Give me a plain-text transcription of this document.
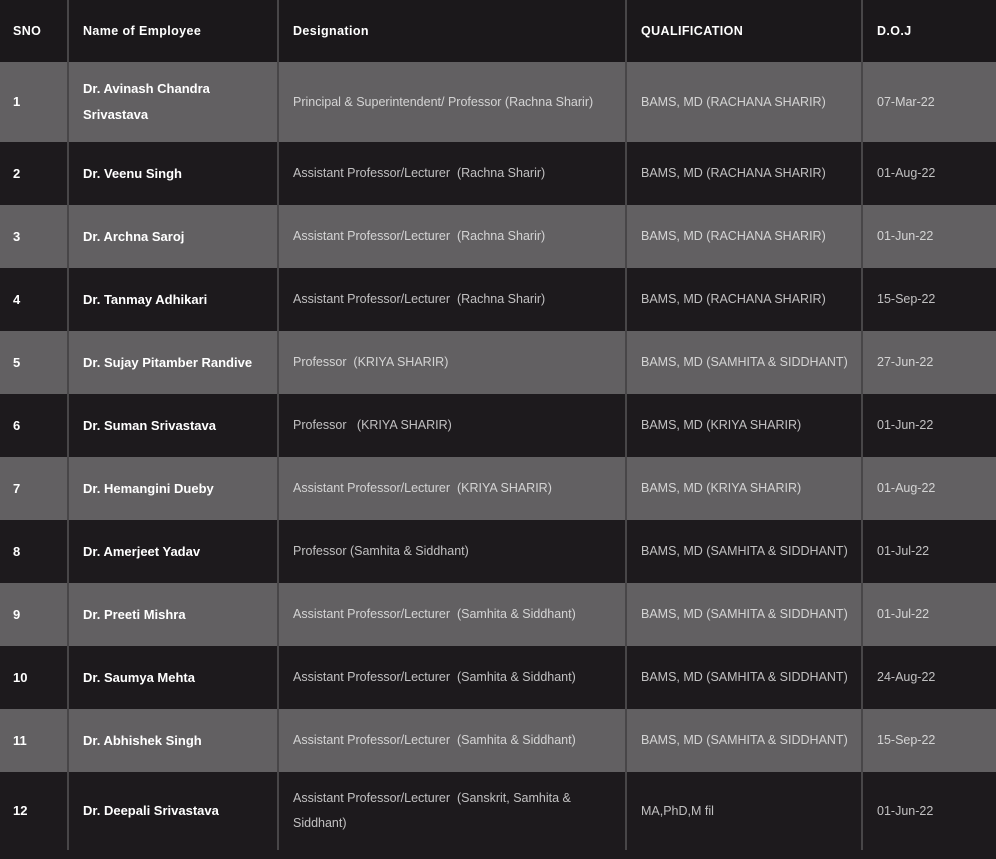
SNO	Name of Employee	Designation	QUALIFICATION	D.O.J
1	Dr. Avinash Chandra Srivastava	Principal & Superintendent/ Professor (Rachna Sharir)	BAMS, MD (RACHANA SHARIR)	07-Mar-22
2	Dr. Veenu Singh	Assistant Professor/Lecturer  (Rachna Sharir)	BAMS, MD (RACHANA SHARIR)	01-Aug-22
3	Dr. Archna Saroj	Assistant Professor/Lecturer  (Rachna Sharir)	BAMS, MD (RACHANA SHARIR)	01-Jun-22
4	Dr. Tanmay Adhikari	Assistant Professor/Lecturer  (Rachna Sharir)	BAMS, MD (RACHANA SHARIR)	15-Sep-22
5	Dr. Sujay Pitamber Randive	Professor  (KRIYA SHARIR)	BAMS, MD (SAMHITA & SIDDHANT)	27-Jun-22
6	Dr. Suman Srivastava	Professor   (KRIYA SHARIR)	BAMS, MD (KRIYA SHARIR)	01-Jun-22
7	Dr. Hemangini Dueby	Assistant Professor/Lecturer  (KRIYA SHARIR)	BAMS, MD (KRIYA SHARIR)	01-Aug-22
8	Dr. Amerjeet Yadav	Professor (Samhita & Siddhant)	BAMS, MD (SAMHITA & SIDDHANT)	01-Jul-22
9	Dr. Preeti Mishra	Assistant Professor/Lecturer  (Samhita & Siddhant)	BAMS, MD (SAMHITA & SIDDHANT)	01-Jul-22
10	Dr. Saumya Mehta	Assistant Professor/Lecturer  (Samhita & Siddhant)	BAMS, MD (SAMHITA & SIDDHANT)	24-Aug-22
11	Dr. Abhishek Singh	Assistant Professor/Lecturer  (Samhita & Siddhant)	BAMS, MD (SAMHITA & SIDDHANT)	15-Sep-22
12	Dr. Deepali Srivastava	Assistant Professor/Lecturer  (Sanskrit, Samhita & Siddhant)	MA,PhD,M fil	01-Jun-22
